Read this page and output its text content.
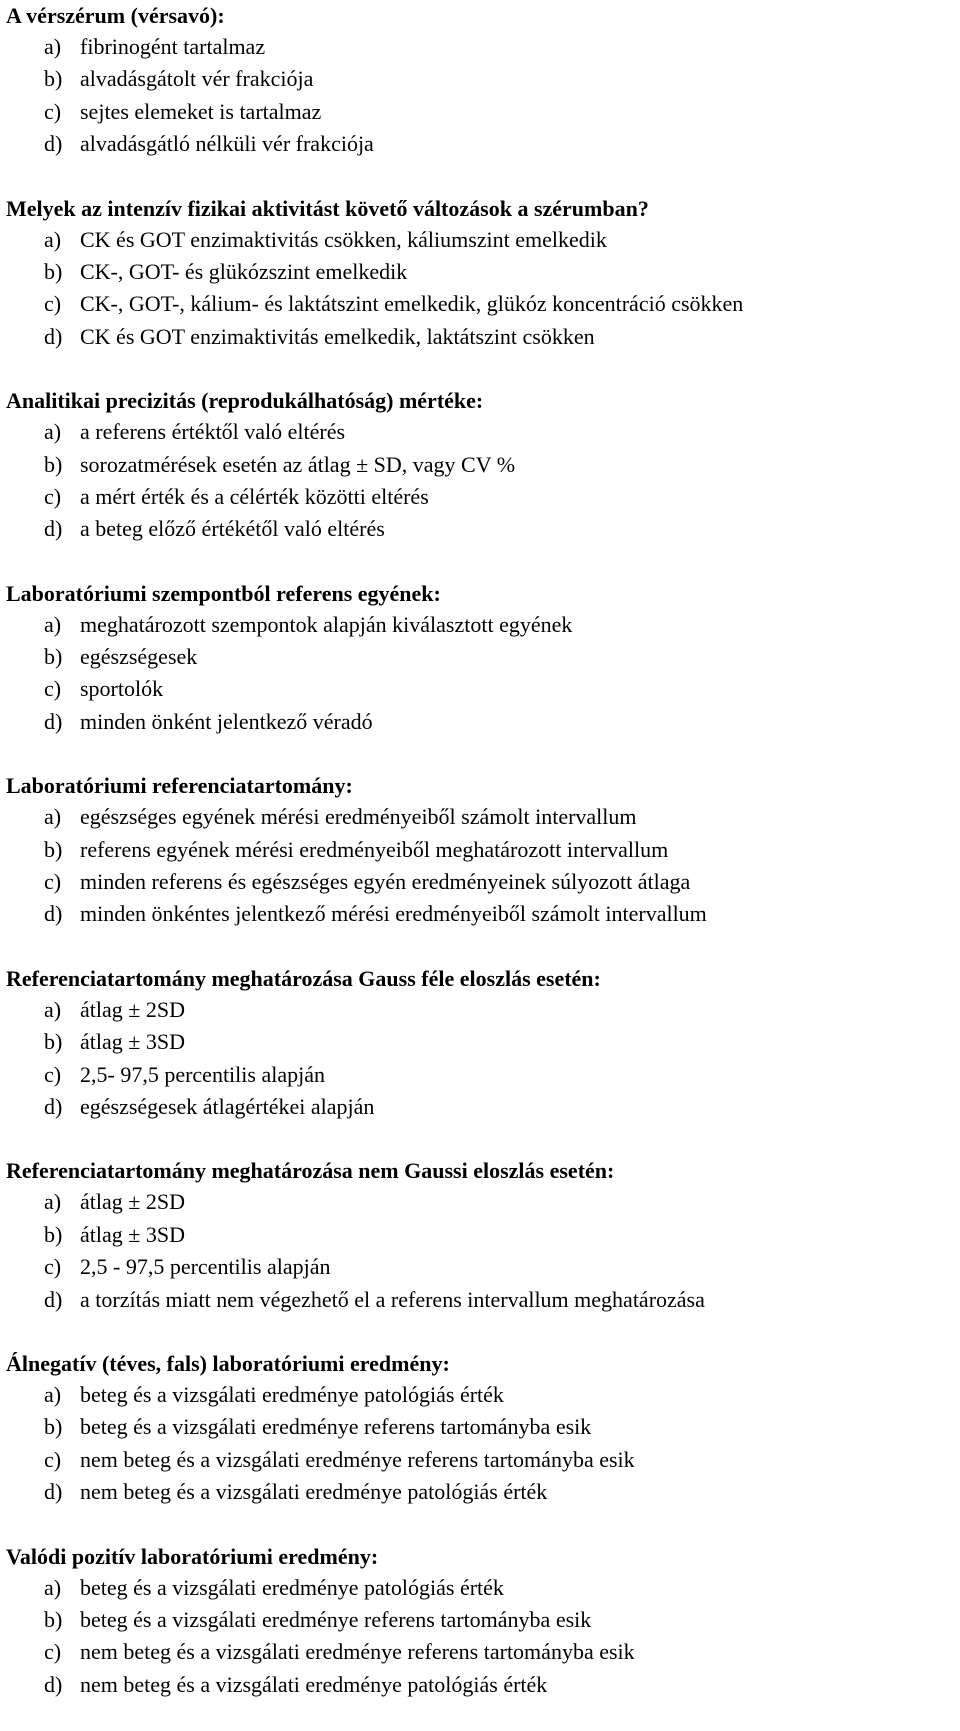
A vérszérum (vérsavó):

a) fibrinogént tartalmaz
b) alvadásgátolt vér frakciója
c) sejtes elemeket is tartalmaz
d) alvadásgátló nélküli vér frakciója

Melyek az intenzív fizikai aktivitást követő változások a szérumban?

a) CK és GOT enzimaktivitás csökken, káliumszint emelkedik
b) CK-, GOT- és glükózszint emelkedik
c) CK-, GOT-, kálium- és laktátszint emelkedik, glükóz koncentráció csökken
d) CK és GOT enzimaktivitás emelkedik, laktátszint csökken

Analitikai precizitás (reprodukálhatóság) mértéke:

a) a referens értéktől való eltérés
b) sorozatmérések esetén az átlag ± SD, vagy CV %
c) a mért érték és a célérték közötti eltérés
d) a beteg előző értékétől való eltérés

Laboratóriumi szempontból referens egyének:

a) meghatározott szempontok alapján kiválasztott egyének
b) egészségesek
c) sportolók
d) minden önként jelentkező véradó

Laboratóriumi referenciatartomány:

a) egészséges egyének mérési eredményeiből számolt intervallum
b) referens egyének mérési eredményeiből meghatározott intervallum
c) minden referens és egészséges egyén eredményeinek súlyozott átlaga
d) minden önkéntes jelentkező mérési eredményeiből számolt intervallum

Referenciatartomány meghatározása Gauss féle eloszlás esetén:

a) átlag ± 2SD
b) átlag ± 3SD
c) 2,5- 97,5 percentilis alapján
d) egészségesek átlagértékei alapján

Referenciatartomány meghatározása nem Gaussi eloszlás esetén:

a) átlag ± 2SD
b) átlag ± 3SD
c) 2,5 - 97,5 percentilis alapján
d) a torzítás miatt nem végezhető el a referens intervallum meghatározása

Álnegatív (téves, fals) laboratóriumi eredmény:

a) beteg és a vizsgálati eredménye patológiás érték
b) beteg és a vizsgálati eredménye referens tartományba esik
c) nem beteg és a vizsgálati eredménye referens tartományba esik
d) nem beteg és a vizsgálati eredménye patológiás érték

Valódi pozitív laboratóriumi eredmény:

a) beteg és a vizsgálati eredménye patológiás érték
b) beteg és a vizsgálati eredménye referens tartományba esik
c) nem beteg és a vizsgálati eredménye referens tartományba esik
d) nem beteg és a vizsgálati eredménye patológiás érték
